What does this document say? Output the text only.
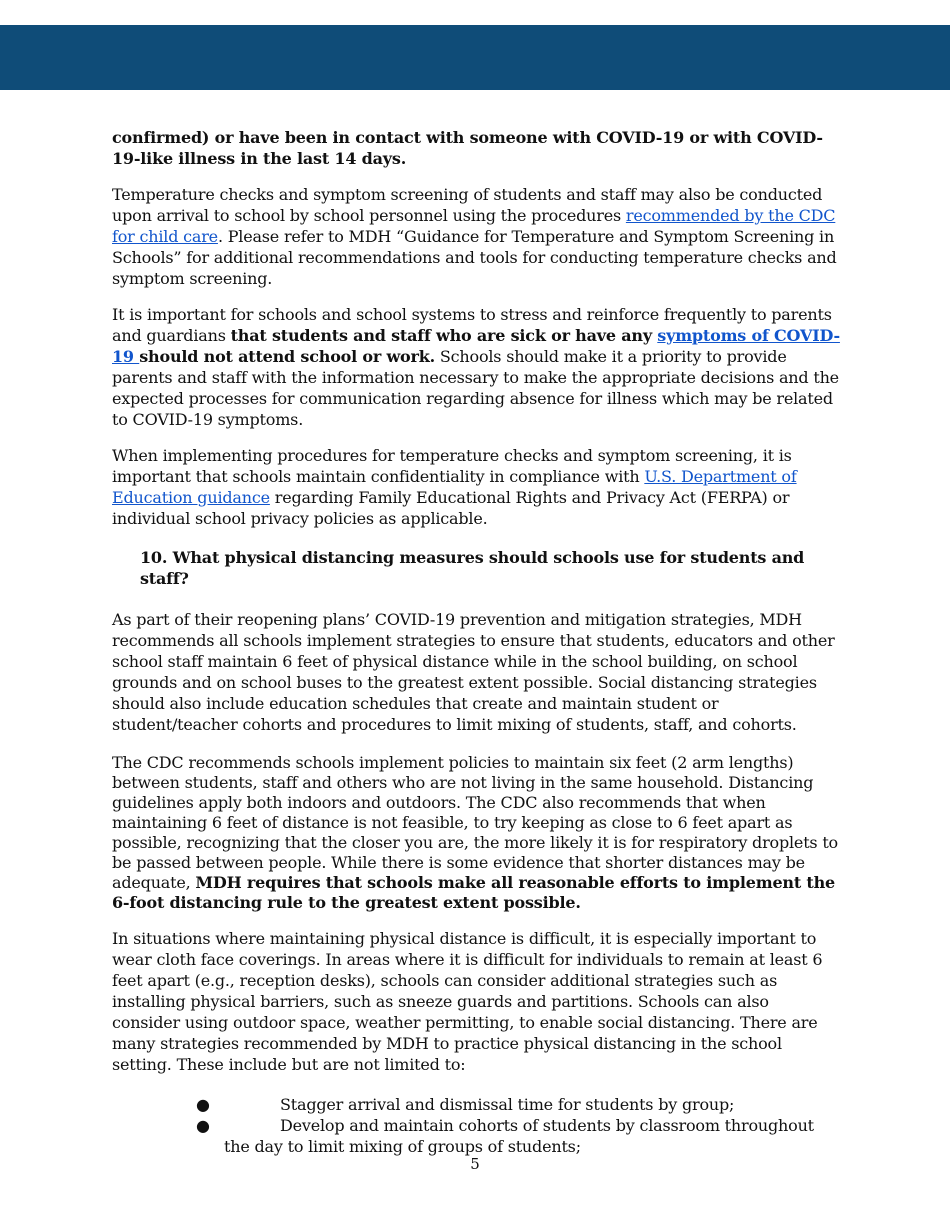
confirmed) or have been in contact with someone with COVID-19 or with COVID-19-like illness in the last 14 days.

Temperature checks and symptom screening of students and staff may also be conducted upon arrival to school by school personnel using the procedures recommended by the CDC for child care. Please refer to MDH “Guidance for Temperature and Symptom Screening in Schools” for additional recommendations and tools for conducting temperature checks and symptom screening.

It is important for schools and school systems to stress and reinforce frequently to parents and guardians that students and staff who are sick or have any symptoms of COVID-19 should not attend school or work. Schools should make it a priority to provide parents and staff with the information necessary to make the appropriate decisions and the expected processes for communication regarding absence for illness which may be related to COVID-19 symptoms.

When implementing procedures for temperature checks and symptom screening, it is important that schools maintain confidentiality in compliance with U.S. Department of Education guidance regarding Family Educational Rights and Privacy Act (FERPA) or individual school privacy policies as applicable.

10. What physical distancing measures should schools use for students and staff?

As part of their reopening plans’ COVID-19 prevention and mitigation strategies, MDH recommends all schools implement strategies to ensure that students, educators and other school staff maintain 6 feet of physical distance while in the school building, on school grounds and on school buses to the greatest extent possible. Social distancing strategies should also include education schedules that create and maintain student or student/teacher cohorts and procedures to limit mixing of students, staff, and cohorts.

The CDC recommends schools implement policies to maintain six feet (2 arm lengths) between students, staff and others who are not living in the same household. Distancing guidelines apply both indoors and outdoors. The CDC also recommends that when maintaining 6 feet of distance is not feasible, to try keeping as close to 6 feet apart as possible, recognizing that the closer you are, the more likely it is for respiratory droplets to be passed between people. While there is some evidence that shorter distances may be adequate, MDH requires that schools make all reasonable efforts to implement the 6-foot distancing rule to the greatest extent possible.

In situations where maintaining physical distance is difficult, it is especially important to wear cloth face coverings. In areas where it is difficult for individuals to remain at least 6 feet apart (e.g., reception desks), schools can consider additional strategies such as installing physical barriers, such as sneeze guards and partitions. Schools can also consider using outdoor space, weather permitting, to enable social distancing. There are many strategies recommended by MDH to practice physical distancing in the school setting. These include but are not limited to:

●	Stagger arrival and dismissal time for students by group;
●	Develop and maintain cohorts of students by classroom throughout the day to limit mixing of groups of students;
5
